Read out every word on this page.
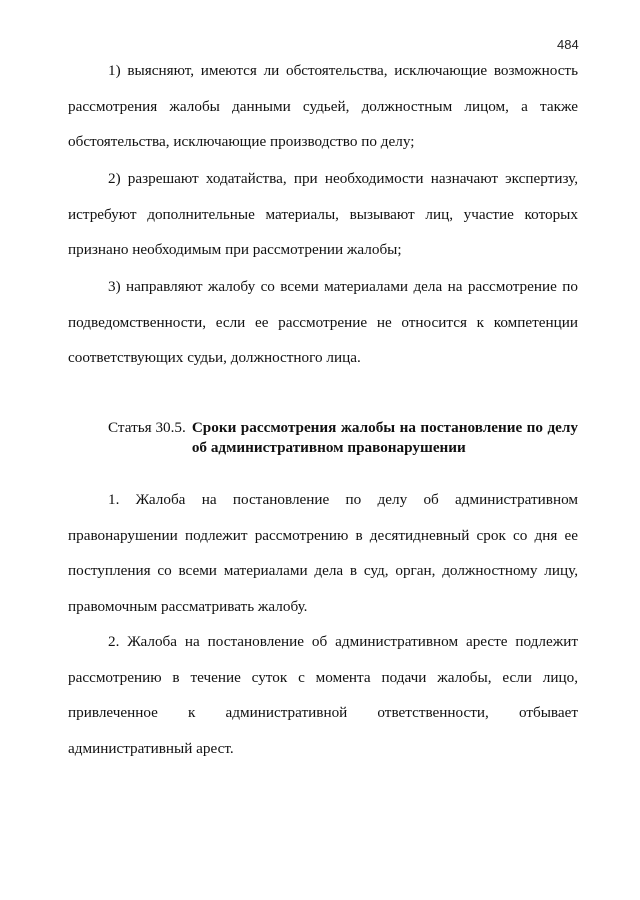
484

1) выясняют, имеются ли обстоятельства, исключающие возможность рассмотрения жалобы данными судьей, должностным лицом, а также обстоятельства, исключающие производство по делу;

2) разрешают ходатайства, при необходимости назначают экспертизу, истребуют дополнительные материалы, вызывают лиц, участие которых признано необходимым при рассмотрении жалобы;

3) направляют жалобу со всеми материалами дела на рассмотрение по подведомственности, если ее рассмотрение не относится к компетенции соответствующих судьи, должностного лица.

Статья 30.5. Сроки рассмотрения жалобы на постановление по делу об административном правонарушении

1. Жалоба на постановление по делу об административном правонарушении подлежит рассмотрению в десятидневный срок со дня ее поступления со всеми материалами дела в суд, орган, должностному лицу, правомочным рассматривать жалобу.

2. Жалоба на постановление об административном аресте подлежит рассмотрению в течение суток с момента подачи жалобы, если лицо, привлеченное к административной ответственности, отбывает административный арест.
